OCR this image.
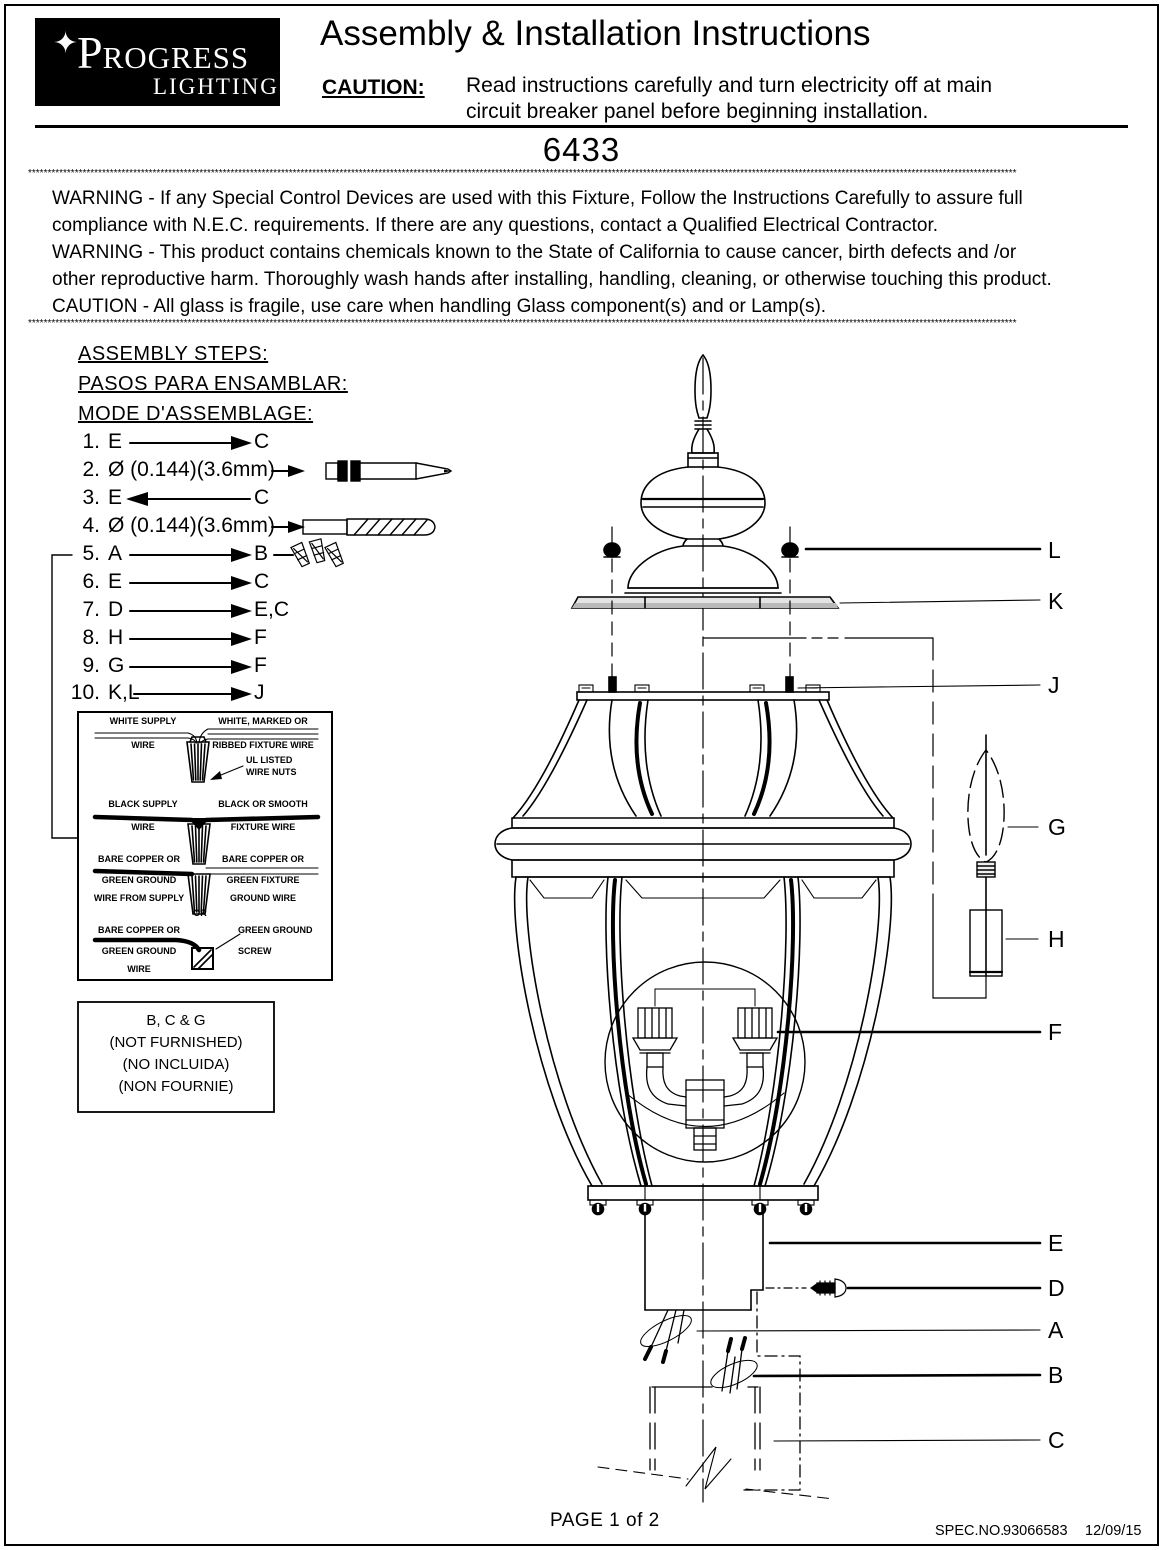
✦
PROGRESS
LIGHTING
Assembly & Installation Instructions
CAUTION: Read instructions carefully and turn electricity off at main
circuit breaker panel before beginning installation.
6433
**************************************************************************************************************************************************************************************************************************************************************
WARNING - If any Special Control Devices are used with this Fixture, Follow the Instructions Carefully to assure full
compliance with N.E.C. requirements. If there are any questions, contact a Qualified Electrical Contractor.
WARNING - This product contains chemicals known to the State of California to cause cancer, birth defects and /or
other reproductive harm. Thoroughly wash hands after installing, handling, cleaning, or otherwise touching this product.
CAUTION - All glass is fragile, use care when handling Glass component(s) and or Lamp(s).
**************************************************************************************************************************************************************************************************************************************************************
ASSEMBLY STEPS:
PASOS PARA ENSAMBLAR:
MODE D'ASSEMBLAGE:
1. E	C
2. Ø (0.144)(3.6mm)
3. E	C
4. Ø (0.144)(3.6mm)
5. A	B
6. E	C
7. D	E,C
8. H	F
9. G	F
10. K,L	J
WHITE SUPPLY
WIRE
WHITE, MARKED OR
RIBBED FIXTURE WIRE
UL LISTED
WIRE NUTS
BLACK SUPPLY
WIRE
BLACK OR SMOOTH
FIXTURE WIRE
BARE COPPER OR
GREEN GROUND
WIRE FROM SUPPLY
BARE COPPER OR
GREEN FIXTURE
GROUND WIRE
OR
BARE COPPER OR
GREEN GROUND
WIRE
GREEN GROUND
SCREW
B, C & G
(NOT FURNISHED)
(NO INCLUIDA)
(NON FOURNIE)
PAGE 1 of 2	SPEC.NO.
93066583 12/09/15
L
K
J
G
H
F
E
D
A
B
C
